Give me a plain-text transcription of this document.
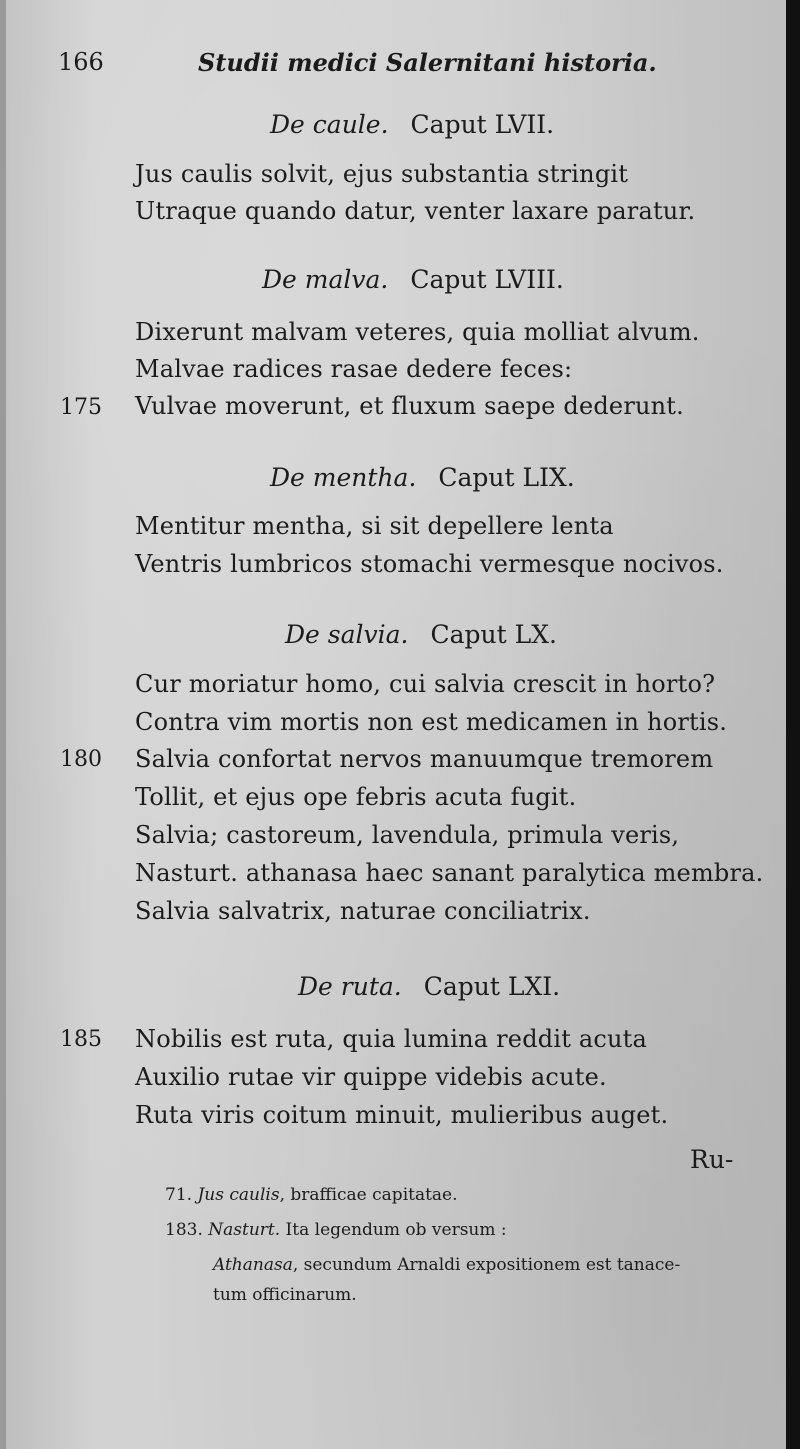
166	Studii medici Salernitani historia.
De caule. Caput LVII.
Jus caulis solvit, ejus substantia stringit
Utraque quando datur, venter laxare paratur.
De malva. Caput LVIII.
Dixerunt malvam veteres, quia molliat alvum.
Malvae radices rasae dedere feces:
175 Vulvae moverunt, et fluxum saepe dederunt.
De mentha. Caput LIX.
Mentitur mentha, si sit depellere lenta
Ventris lumbricos stomachi vermesque nocivos.
De salvia. Caput LX.
Cur moriatur homo, cui salvia crescit in horto?
Contra vim mortis non est medicamen in hortis.
180 Salvia confortat nervos manuumque tremorem
Tollit, et ejus ope febris acuta fugit.
Salvia; castoreum, lavendula, primula veris,
Nasturt. athanasa haec sanant paralytica membra.
Salvia salvatrix, naturae conciliatrix.
De ruta. Caput LXI.
185 Nobilis est ruta, quia lumina reddit acuta
Auxilio rutae vir quippe videbis acute.
Ruta viris coitum minuit, mulieribus auget.
Ru-
71. Jus caulis, brafficae capitatae.
183. Nasturt. Ita legendum ob versum :
Athanasa, secundum Arnaldi expositionem est tanace-
tum officinarum.
